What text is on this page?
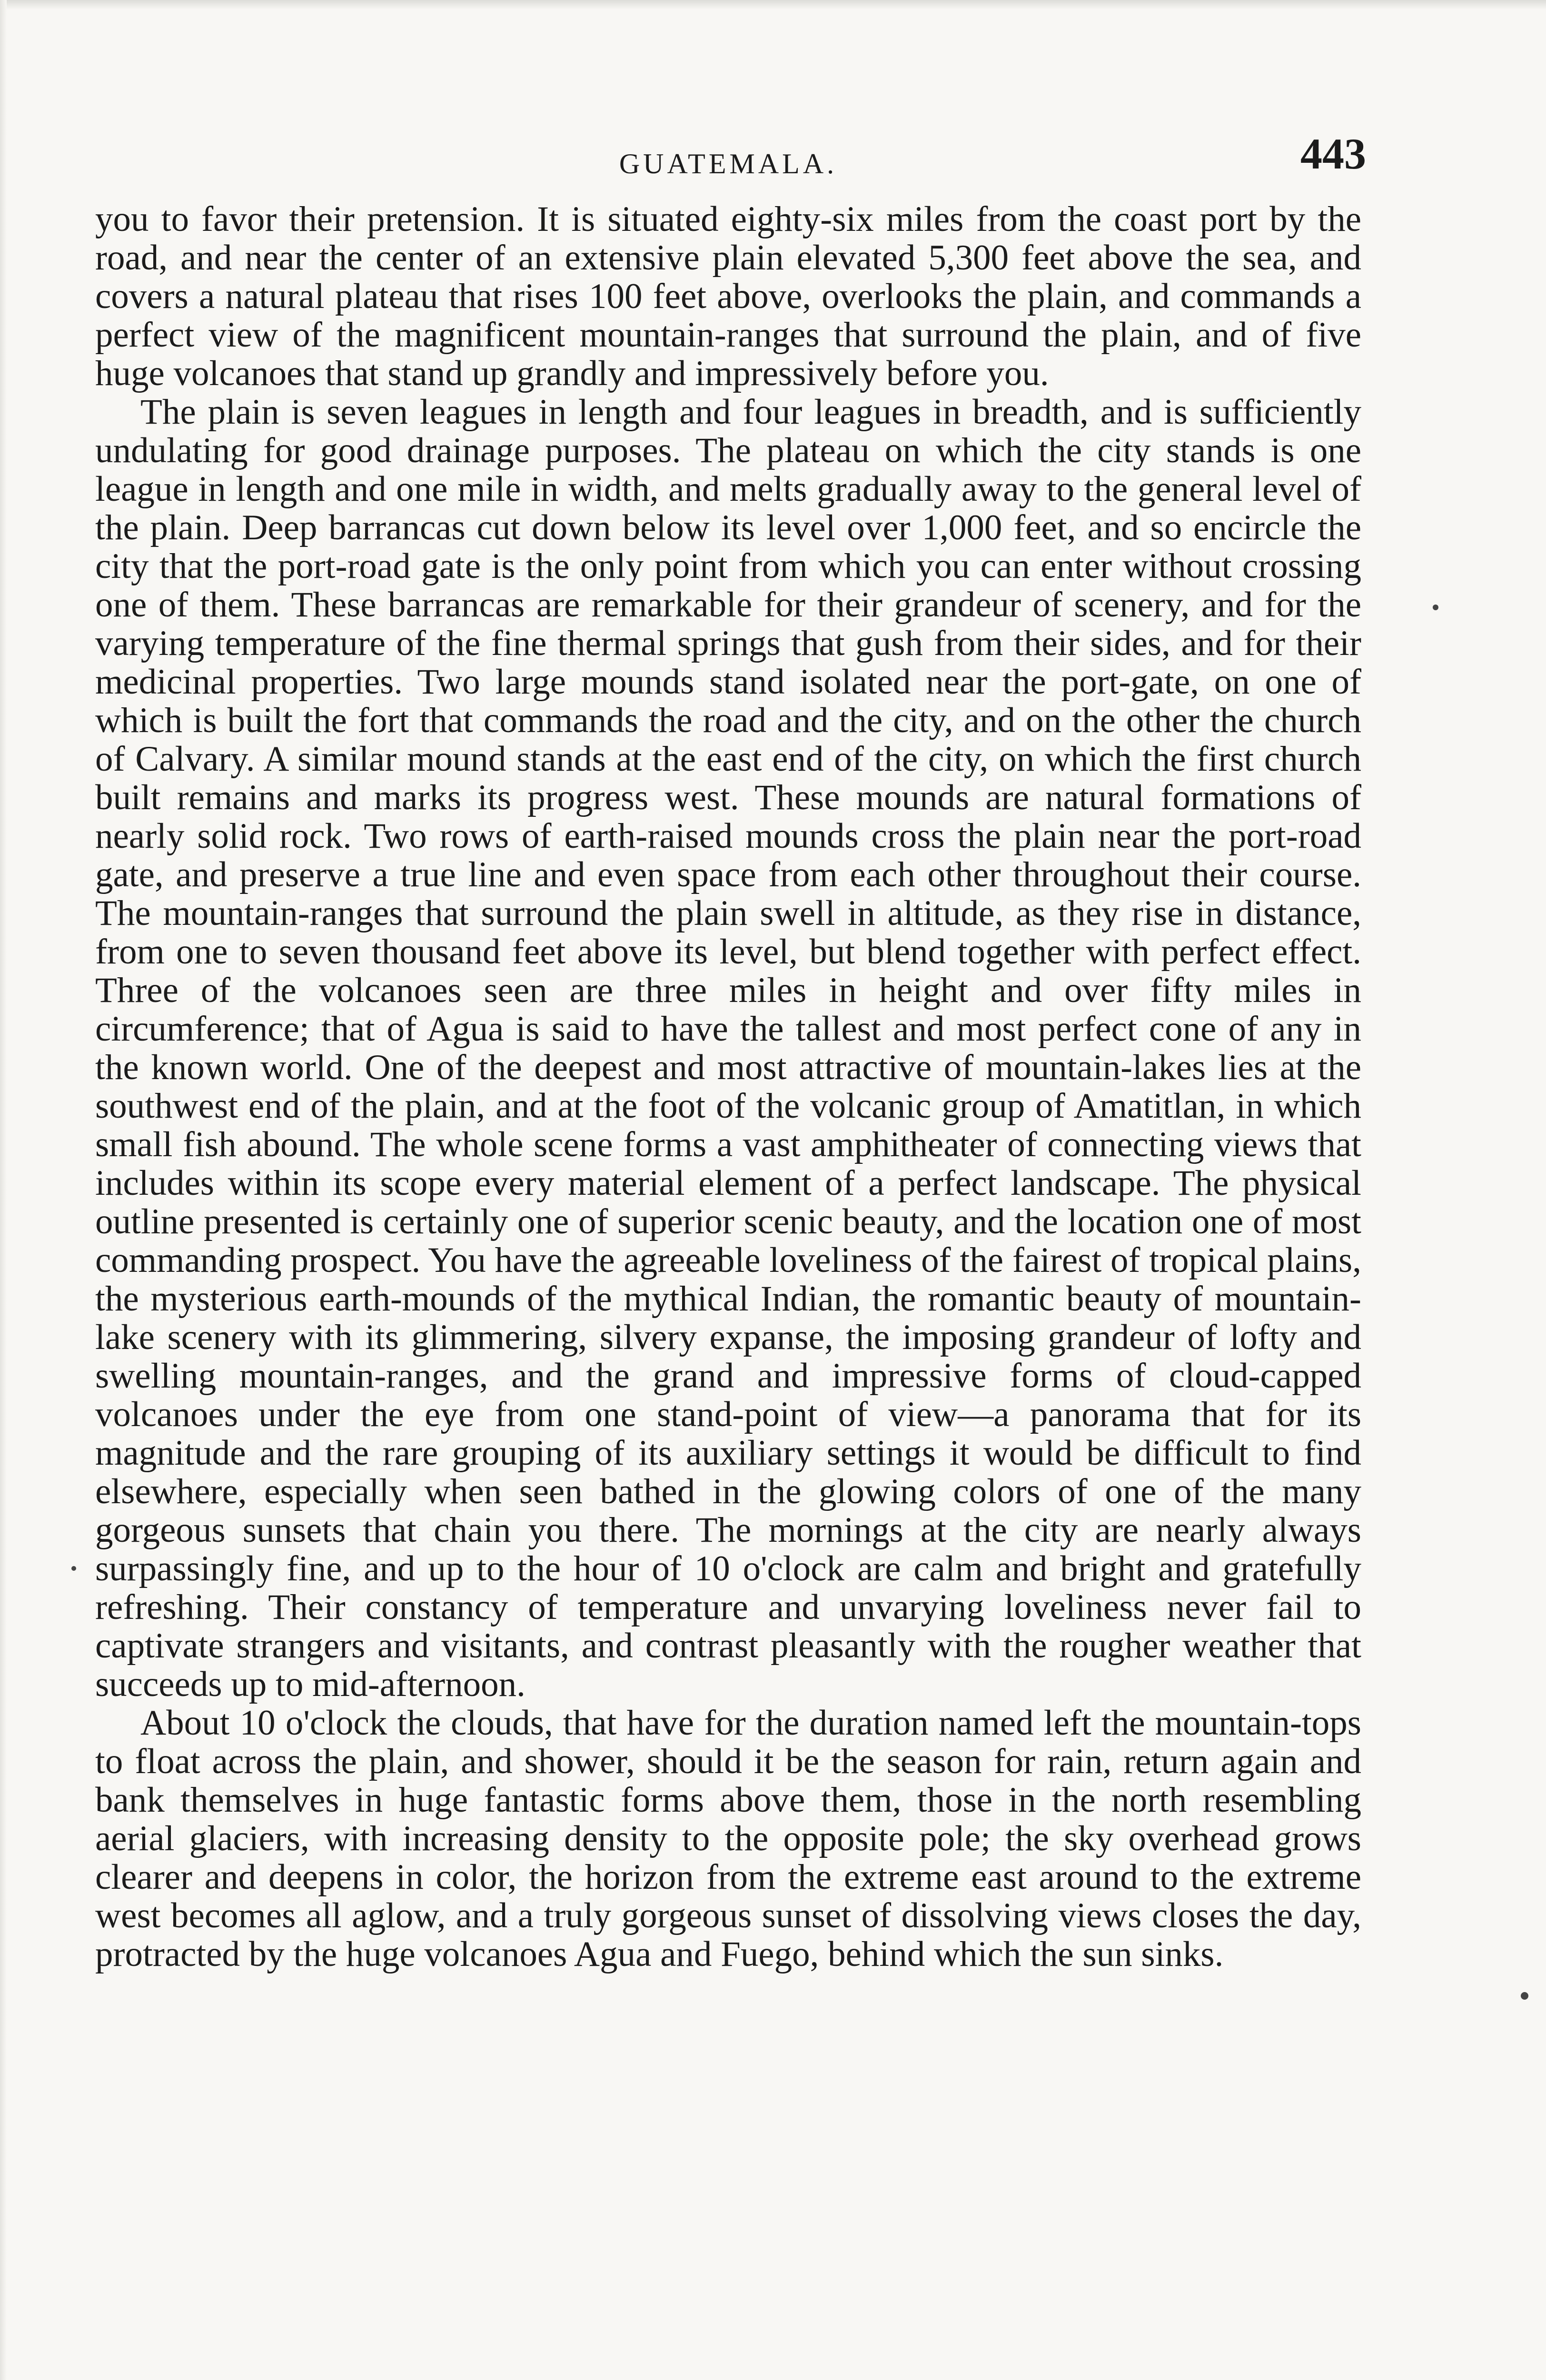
GUATEMALA.	443

you to favor their pretension. It is situated eighty-six miles from the coast port by the road, and near the center of an extensive plain elevated 5,300 feet above the sea, and covers a natural plateau that rises 100 feet above, overlooks the plain, and commands a perfect view of the magnificent mountain-ranges that surround the plain, and of five huge volcanoes that stand up grandly and impressively before you.

The plain is seven leagues in length and four leagues in breadth, and is sufficiently undulating for good drainage purposes. The plateau on which the city stands is one league in length and one mile in width, and melts gradually away to the general level of the plain. Deep barrancas cut down below its level over 1,000 feet, and so encircle the city that the port-road gate is the only point from which you can enter without crossing one of them. These barrancas are remarkable for their grandeur of scenery, and for the varying temperature of the fine thermal springs that gush from their sides, and for their medicinal properties. Two large mounds stand isolated near the port-gate, on one of which is built the fort that commands the road and the city, and on the other the church of Calvary. A similar mound stands at the east end of the city, on which the first church built remains and marks its progress west. These mounds are natural formations of nearly solid rock. Two rows of earth-raised mounds cross the plain near the port-road gate, and preserve a true line and even space from each other throughout their course. The mountain-ranges that surround the plain swell in altitude, as they rise in distance, from one to seven thousand feet above its level, but blend together with perfect effect. Three of the volcanoes seen are three miles in height and over fifty miles in circumference; that of Agua is said to have the tallest and most perfect cone of any in the known world. One of the deepest and most attractive of mountain-lakes lies at the southwest end of the plain, and at the foot of the volcanic group of Amatitlan, in which small fish abound. The whole scene forms a vast amphitheater of connecting views that includes within its scope every material element of a perfect landscape. The physical outline presented is certainly one of superior scenic beauty, and the location one of most commanding prospect. You have the agreeable loveliness of the fairest of tropical plains, the mysterious earth-mounds of the mythical Indian, the romantic beauty of mountain-lake scenery with its glimmering, silvery expanse, the imposing grandeur of lofty and swelling mountain-ranges, and the grand and impressive forms of cloud-capped volcanoes under the eye from one stand-point of view—a panorama that for its magnitude and the rare grouping of its auxiliary settings it would be difficult to find elsewhere, especially when seen bathed in the glowing colors of one of the many gorgeous sunsets that chain you there. The mornings at the city are nearly always surpassingly fine, and up to the hour of 10 o'clock are calm and bright and gratefully refreshing. Their constancy of temperature and unvarying loveliness never fail to captivate strangers and visitants, and contrast pleasantly with the rougher weather that succeeds up to mid-afternoon.

About 10 o'clock the clouds, that have for the duration named left the mountain-tops to float across the plain, and shower, should it be the season for rain, return again and bank themselves in huge fantastic forms above them, those in the north resembling aerial glaciers, with increasing density to the opposite pole; the sky overhead grows clearer and deepens in color, the horizon from the extreme east around to the extreme west becomes all aglow, and a truly gorgeous sunset of dissolving views closes the day, protracted by the huge volcanoes Agua and Fuego, behind which the sun sinks.
